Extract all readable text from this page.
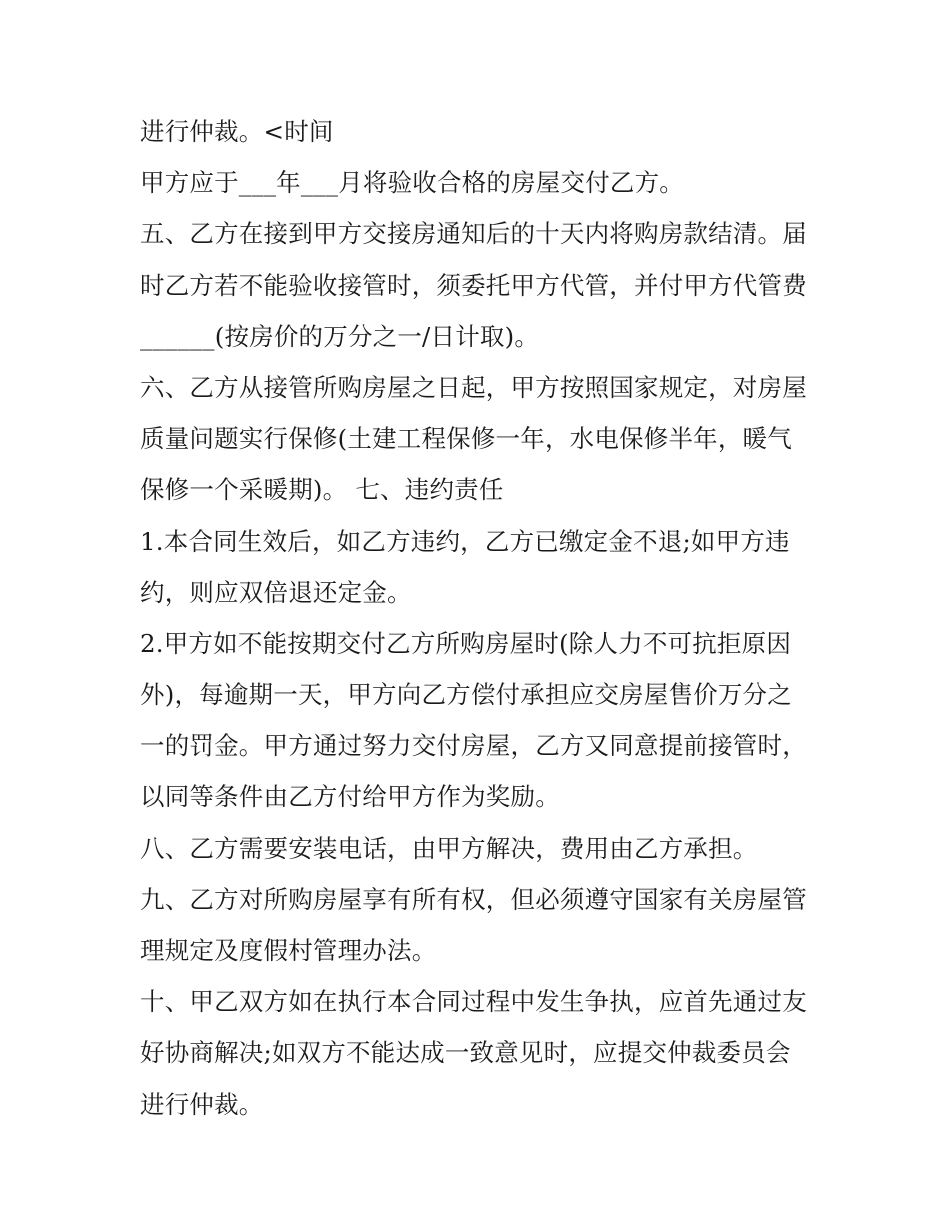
进行仲裁。<时间
甲方应于___年___月将验收合格的房屋交付乙方。
五、乙方在接到甲方交接房通知后的十天内将购房款结清。届
时乙方若不能验收接管时，须委托甲方代管，并付甲方代管费
______(按房价的万分之一/日计取)。
六、乙方从接管所购房屋之日起，甲方按照国家规定，对房屋
质量问题实行保修(土建工程保修一年，水电保修半年，暖气
保修一个采暖期)。 七、违约责任
1.本合同生效后，如乙方违约，乙方已缴定金不退;如甲方违
约，则应双倍退还定金。
2.甲方如不能按期交付乙方所购房屋时(除人力不可抗拒原因
外)，每逾期一天，甲方向乙方偿付承担应交房屋售价万分之
一的罚金。甲方通过努力交付房屋，乙方又同意提前接管时，
以同等条件由乙方付给甲方作为奖励。
八、乙方需要安装电话，由甲方解决，费用由乙方承担。
九、乙方对所购房屋享有所有权，但必须遵守国家有关房屋管
理规定及度假村管理办法。
十、甲乙双方如在执行本合同过程中发生争执，应首先通过友
好协商解决;如双方不能达成一致意见时，应提交仲裁委员会
进行仲裁。
